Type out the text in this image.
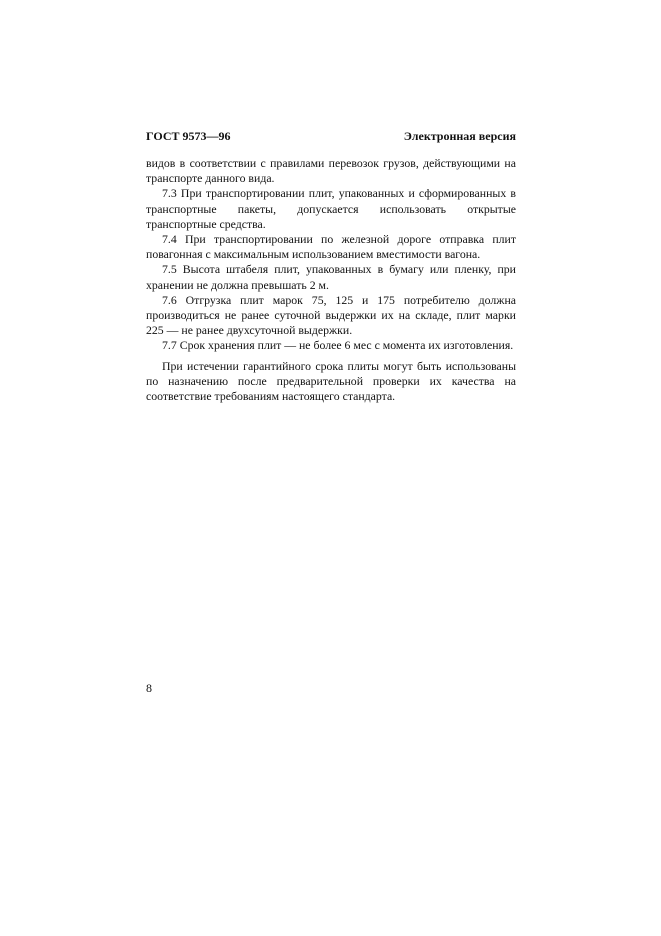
ГОСТ 9573—96	Электронная версия

видов в соответствии с правилами перевозок грузов, действующими на транспорте данного вида.

7.3 При транспортировании плит, упакованных и сформированных в транспортные пакеты, допускается использовать открытые транспортные средства.

7.4 При транспортировании по железной дороге отправка плит повагонная с максимальным использованием вместимости вагона.

7.5 Высота штабеля плит, упакованных в бумагу или пленку, при хранении не должна превышать 2 м.

7.6 Отгрузка плит марок 75, 125 и 175 потребителю должна производиться не ранее суточной выдержки их на складе, плит марки 225 — не ранее двухсуточной выдержки.

7.7 Срок хранения плит — не более 6 мес с момента их изготовления.

При истечении гарантийного срока плиты могут быть использованы по назначению после предварительной проверки их качества на соответствие требованиям настоящего стандарта.

8
